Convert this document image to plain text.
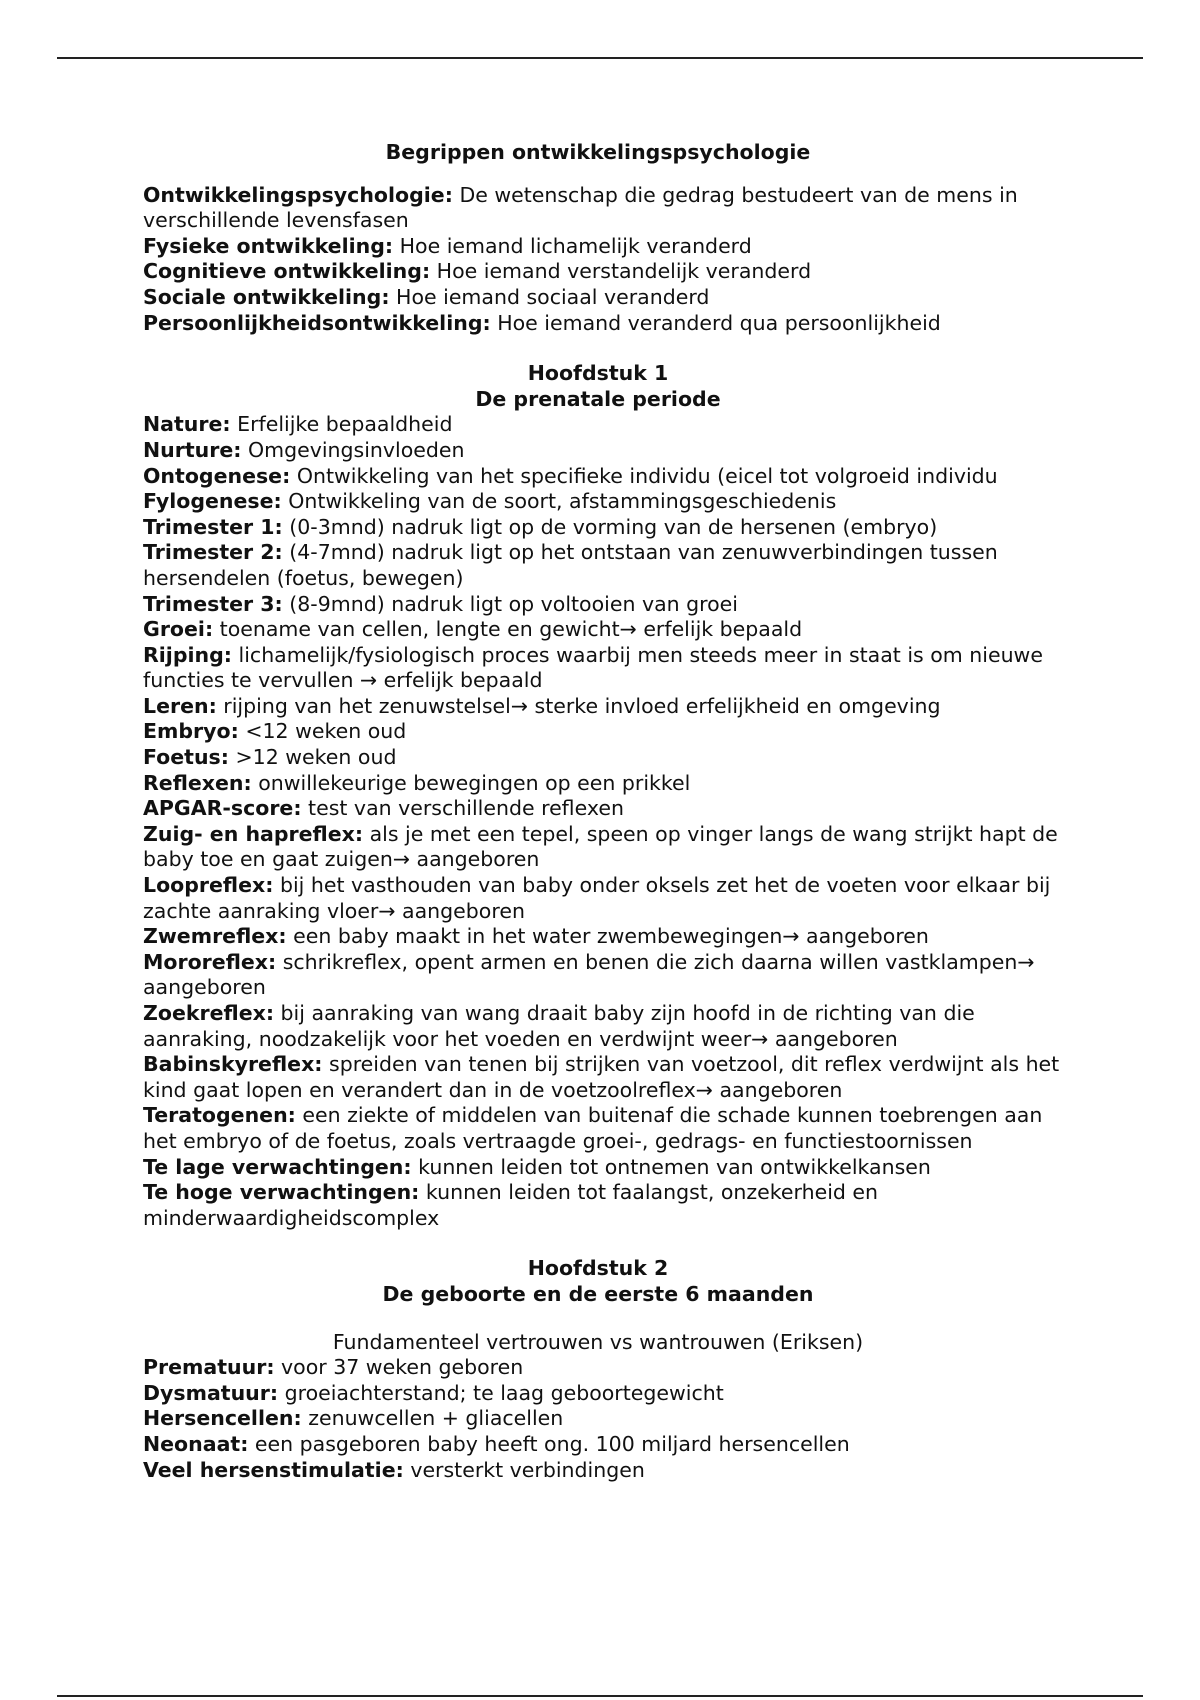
Begrippen ontwikkelingspsychologie
Ontwikkelingspsychologie: De wetenschap die gedrag bestudeert van de mens in verschillende levensfasen
Fysieke ontwikkeling: Hoe iemand lichamelijk veranderd
Cognitieve ontwikkeling: Hoe iemand verstandelijk veranderd
Sociale ontwikkeling: Hoe iemand sociaal veranderd
Persoonlijkheidsontwikkeling: Hoe iemand veranderd qua persoonlijkheid
Hoofdstuk 1
De prenatale periode
Nature: Erfelijke bepaaldheid
Nurture: Omgevingsinvloeden
Ontogenese: Ontwikkeling van het specifieke individu (eicel tot volgroeid individu
Fylogenese: Ontwikkeling van de soort, afstammingsgeschiedenis
Trimester 1: (0-3mnd) nadruk ligt op de vorming van de hersenen (embryo)
Trimester 2: (4-7mnd) nadruk ligt op het ontstaan van zenuwverbindingen tussen hersendelen (foetus, bewegen)
Trimester 3: (8-9mnd) nadruk ligt op voltooien van groei
Groei: toename van cellen, lengte en gewicht→ erfelijk bepaald
Rijping: lichamelijk/fysiologisch proces waarbij men steeds meer in staat is om nieuwe functies te vervullen → erfelijk bepaald
Leren: rijping van het zenuwstelsel→ sterke invloed erfelijkheid en omgeving
Embryo: <12 weken oud
Foetus: >12 weken oud
Reflexen: onwillekeurige bewegingen op een prikkel
APGAR-score: test van verschillende reflexen
Zuig- en hapreflex: als je met een tepel, speen op vinger langs de wang strijkt hapt de baby toe en gaat zuigen→ aangeboren
Loopreflex: bij het vasthouden van baby onder oksels zet het de voeten voor elkaar bij zachte aanraking vloer→ aangeboren
Zwemreflex: een baby maakt in het water zwembewegingen→ aangeboren
Mororeflex: schrikreflex, opent armen en benen die zich daarna willen vastklampen→ aangeboren
Zoekreflex: bij aanraking van wang draait baby zijn hoofd in de richting van die aanraking, noodzakelijk voor het voeden en verdwijnt weer→ aangeboren
Babinskyreflex: spreiden van tenen bij strijken van voetzool, dit reflex verdwijnt als het kind gaat lopen en verandert dan in de voetzoolreflex→ aangeboren
Teratogenen: een ziekte of middelen van buitenaf die schade kunnen toebrengen aan het embryo of de foetus, zoals vertraagde groei-, gedrags- en functiestoornissen
Te lage verwachtingen: kunnen leiden tot ontnemen van ontwikkelkansen
Te hoge verwachtingen: kunnen leiden tot faalangst, onzekerheid en minderwaardigheidscomplex
Hoofdstuk 2
De geboorte en de eerste 6 maanden
Fundamenteel vertrouwen vs wantrouwen (Eriksen)
Prematuur: voor 37 weken geboren
Dysmatuur: groeiachterstand; te laag geboortegewicht
Hersencellen: zenuwcellen + gliacellen
Neonaat: een pasgeboren baby heeft ong. 100 miljard hersencellen
Veel hersenstimulatie: versterkt verbindingen
